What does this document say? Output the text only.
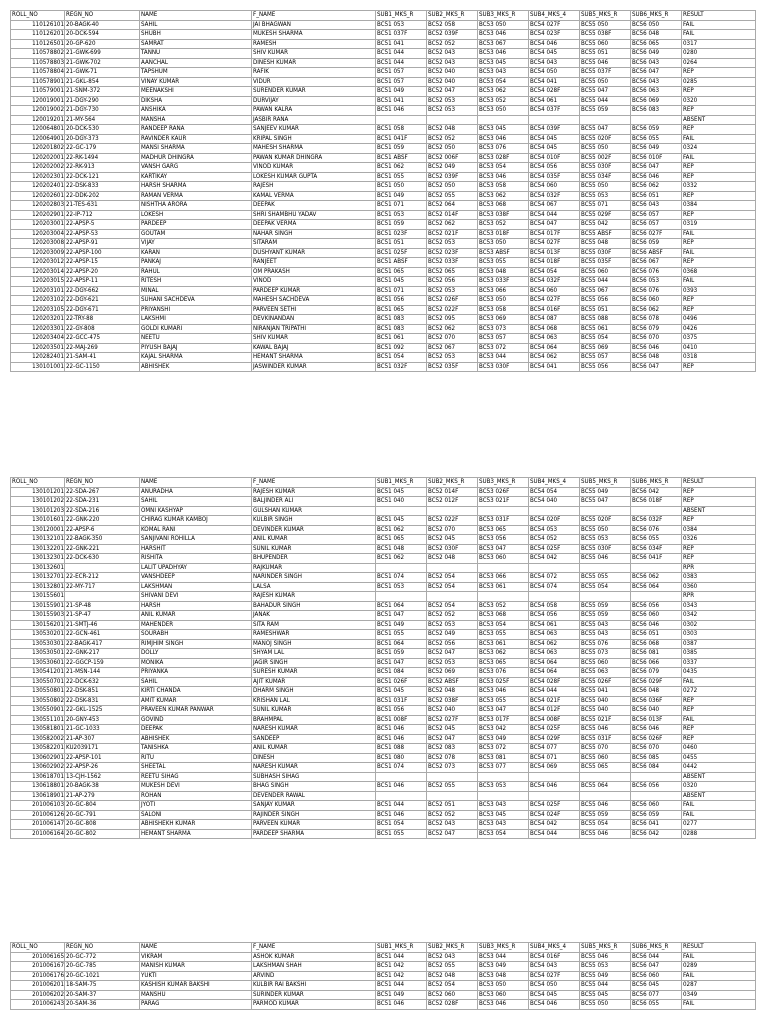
ROLL_NO	REGN_NO	NAME	F_NAME	SUB1_MKS_R	SUB2_MKS_R	SUB3_MKS_R	SUB4_MKS_4	SUB5_MKS_R	SUB6_MKS_R	RESULT
110126101	20-BAGK-40	SAHIL	JAI BHAGWAN	BC51 053	BC52 058	BC53 050	BC54 027F	BC55 050	BC56 050	FAIL
110126201	20-DCK-594	SHUBH	MUKESH SHARMA	BC51 037F	BC52 039F	BC53 046	BC54 023F	BC55 038F	BC56 048	FAIL
110126501	20-GP-620	SAMRAT	RAMESH	BC51 041	BC52 052	BC53 067	BC54 046	BC55 060	BC56 065	0317
110578802	21-GWK-699	TANNU	SHIV KUMAR	BC51 044	BC52 043	BC53 046	BC54 045	BC55 051	BC56 049	0280
110578803	21-GWK-702	AANCHAL	DINESH KUMAR	BC51 044	BC52 043	BC53 045	BC54 043	BC55 046	BC56 043	0264
110578804	21-GWK-71	TAPSHUM	RAFIK	BC51 057	BC52 040	BC53 043	BC54 050	BC55 037F	BC56 047	REP
110578901	21-GKL-854	VINAY KUMAR	VIDUR	BC51 057	BC52 040	BC53 054	BC54 041	BC55 050	BC56 043	0285
110579001	21-SNM-372	MEENAKSHI	SURENDER KUMAR	BC51 049	BC52 047	BC53 062	BC54 028F	BC55 047	BC56 063	REP
120019001	21-DGY-290	DIKSHA	DURVIJAY	BC51 041	BC52 053	BC53 052	BC54 061	BC55 044	BC56 069	0320
120019002	21-DGY-730	ANSHIKA	PAWAN KALRA	BC51 046	BC52 053	BC53 050	BC54 037F	BC55 059	BC56 083	REP
120019201	21-MY-564	MANSHA	JASBIR RANA							ABSENT
120064801	20-DCK-530	RANDEEP RANA	SANJEEV KUMAR	BC51 058	BC52 048	BC53 045	BC54 039F	BC55 047	BC56 059	REP
120064901	20-DGY-373	RAVINDER KAUR	KRIPAL SINGH	BC51 041F	BC52 052	BC53 046	BC54 045	BC55 020F	BC56 055	FAIL
120201802	22-GC-179	MANSI SHARMA	MAHESH SHARMA	BC51 059	BC52 050	BC53 076	BC54 045	BC55 050	BC56 049	0324
120202001	22-RK-1494	MADHUR DHINGRA	PAWAN KUMAR DHINGRA	BC51 ABSF	BC52 006F	BC53 028F	BC54 010F	BC55 002F	BC56 010F	FAIL
120202002	22-RK-913	VANSH GARG	VINOD KUMAR	BC51 062	BC52 049	BC53 054	BC54 056	BC55 030F	BC56 047	REP
120202301	22-DCK-121	KARTIKAY	LOKESH KUMAR GUPTA	BC51 055	BC52 039F	BC53 046	BC54 035F	BC55 034F	BC56 046	REP
120202401	22-DSK-833	HARSH SHARMA	RAJESH	BC51 050	BC52 050	BC53 058	BC54 060	BC55 050	BC56 062	0332
120202601	22-DDK-202	RAMAN VERMA	KAMAL VERMA	BC51 049	BC52 055	BC53 062	BC54 032F	BC55 053	BC56 051	REP
120202803	21-TES-631	NISHTHA ARORA	DEEPAK	BC51 071	BC52 064	BC53 068	BC54 067	BC55 071	BC56 043	0384
120202901	22-IP-712	LOKESH	SHRI SHAMBHU YADAV	BC51 053	BC52 014F	BC53 038F	BC54 044	BC55 029F	BC56 057	REP
120203001	22-APSP-5	PARDEEP	DEEPAK VERMA	BC51 059	BC52 062	BC53 052	BC54 047	BC55 042	BC56 057	0319
120203004	22-APSP-53	GOUTAM	NAHAR SINGH	BC51 023F	BC52 021F	BC53 018F	BC54 017F	BC55 ABSF	BC56 027F	FAIL
120203008	22-APSP-91	VIJAY	SITARAM	BC51 051	BC52 053	BC53 050	BC54 027F	BC55 048	BC56 059	REP
120203009	22-APSP-100	KARAN	DUSHYANT KUMAR	BC51 025F	BC52 023F	BC53 ABSF	BC54 013F	BC55 030F	BC56 ABSF	FAIL
120203012	22-APSP-15	PANKAJ	RANJEET	BC51 ABSF	BC52 033F	BC53 055	BC54 018F	BC55 035F	BC56 067	REP
120203014	22-APSP-20	RAHUL	OM PRAKASH	BC51 065	BC52 065	BC53 048	BC54 054	BC55 060	BC56 076	0368
120203015	22-APSP-11	RITESH	VINOD	BC51 045	BC52 056	BC53 033F	BC54 032F	BC55 044	BC56 053	FAIL
120203101	22-DGY-662	MINAL	PARDEEP KUMAR	BC51 071	BC52 053	BC53 066	BC54 060	BC55 067	BC56 076	0393
120203102	22-DGY-621	SUHANI SACHDEVA	MAHESH SACHDEVA	BC51 056	BC52 026F	BC53 050	BC54 027F	BC55 056	BC56 060	REP
120203105	22-DGY-671	PRIYANSHI	PARVEEN SETHI	BC51 065	BC52 022F	BC53 058	BC54 016F	BC55 051	BC56 062	REP
120203201	22-TRY-88	LAKSHMI	DEVKINANDAN	BC51 083	BC52 095	BC53 069	BC54 087	BC55 088	BC56 078	0496
120203301	22-GY-808	GOLDI KUMARI	NIRANJAN TRIPATHI	BC51 083	BC52 062	BC53 073	BC54 068	BC55 061	BC56 079	0426
120203404	22-GCC-475	NEETU	SHIV KUMAR	BC51 061	BC52 070	BC53 057	BC54 063	BC55 054	BC56 070	0375
120203501	22-MAJ-269	PIYUSH BAJAJ	KAWAL BAJAJ	BC51 092	BC52 067	BC53 072	BC54 064	BC55 069	BC56 046	0410
120282401	21-SAM-41	KAJAL SHARMA	HEMANT SHARMA	BC51 054	BC52 053	BC53 044	BC54 062	BC55 057	BC56 048	0318
130101001	22-GC-1150	ABHISHEK	JASWINDER KUMAR	BC51 032F	BC52 035F	BC53 030F	BC54 041	BC55 056	BC56 047	REP
ROLL_NO	REGN_NO	NAME	F_NAME	SUB1_MKS_R	SUB2_MKS_R	SUB3_MKS_R	SUB4_MKS_4	SUB5_MKS_R	SUB6_MKS_R	RESULT
130101201	22-SDA-267	ANURADHA	RAJESH KUMAR	BC51 045	BC52 014F	BC53 026F	BC54 054	BC55 049	BC56 042	REP
130101202	22-SDA-231	SAHIL	BALJINDER ALI	BC51 040	BC52 012F	BC53 021F	BC54 040	BC55 047	BC56 018F	REP
130101203	22-SDA-216	OMNI KASHYAP	GULSHAN KUMAR							ABSENT
130101601	22-GNK-220	CHIRAG KUMAR KAMBOJ	KULBIR SINGH	BC51 045	BC52 022F	BC53 031F	BC54 020F	BC55 020F	BC56 032F	REP
130120001	22-APSP-6	KOMAL RANI	DEVINDER KUMAR	BC51 062	BC52 070	BC53 065	BC54 053	BC55 050	BC56 076	0384
130132101	22-BAGK-350	SANJIVANI ROHILLA	ANIL KUMAR	BC51 065	BC52 045	BC53 056	BC54 052	BC55 053	BC56 055	0326
130132201	22-GNK-221	HARSHIT	SUNIL KUMAR	BC51 048	BC52 030F	BC53 047	BC54 025F	BC55 030F	BC56 034F	REP
130132301	22-DCK-630	RISHITA	BHUPENDER	BC51 062	BC52 048	BC53 060	BC54 042	BC55 046	BC56 041F	REP
130132601		LALIT UPADHYAY	RAJKUMAR							RPR
130132701	22-ECR-212	VANSHDEEP	NARINDER SINGH	BC51 074	BC52 054	BC53 066	BC54 072	BC55 055	BC56 062	0383
130132801	22-MY-717	LAKSHMAN	LALSA	BC51 053	BC52 054	BC53 061	BC54 074	BC55 054	BC56 064	0360
130155601		SHIVANI DEVI	RAJESH KUMAR							RPR
130155901	21-SP-48	HARSH	BAHADUR SINGH	BC51 064	BC52 054	BC53 052	BC54 058	BC55 059	BC56 056	0343
130155903	21-SP-47	ANIL KUMAR	JANAK	BC51 047	BC52 052	BC53 068	BC54 056	BC55 059	BC56 060	0342
130156201	21-SMTJ-46	MAHENDER	SITA RAM	BC51 049	BC52 053	BC53 054	BC54 061	BC55 043	BC56 046	0302
130530201	22-GCN-461	SOURABH	RAMESHWAR	BC51 055	BC52 049	BC53 055	BC54 063	BC55 043	BC56 051	0303
130530301	22-BAGK-417	RIMJHIM SINGH	MANOJ SINGH	BC51 064	BC52 056	BC53 061	BC54 062	BC55 076	BC56 068	0387
130530501	22-GNK-217	DOLLY	SHYAM LAL	BC51 059	BC52 047	BC53 062	BC54 063	BC55 073	BC56 081	0385
130530601	22-GGCP-159	MONIKA	JAGIR SINGH	BC51 047	BC52 053	BC53 065	BC54 064	BC55 060	BC56 066	0337
130541201	21-MSN-144	PRIYANKA	SURESH KUMAR	BC51 084	BC52 069	BC53 076	BC54 064	BC55 063	BC56 079	0435
130550701	22-DCK-632	SAHIL	AJIT KUMAR	BC51 026F	BC52 ABSF	BC53 025F	BC54 028F	BC55 026F	BC56 029F	FAIL
130550801	22-DSK-851	KIRTI CHANDA	DHARM SINGH	BC51 045	BC52 048	BC53 046	BC54 044	BC55 041	BC56 048	0272
130550802	22-DSK-831	AMIT KUMAR	KRISHAN LAL	BC51 031F	BC52 038F	BC53 055	BC54 021F	BC55 040	BC56 036F	REP
130550901	22-GKL-1525	PRAVEEN KUMAR PANWAR	SUNIL KUMAR	BC51 056	BC52 040	BC53 047	BC54 012F	BC55 040	BC56 040	REP
130551101	20-GNY-453	GOVIND	BRAHMPAL	BC51 008F	BC52 027F	BC53 017F	BC54 008F	BC55 021F	BC56 013F	FAIL
130581801	21-GC-1033	DEEPAK	NARESH KUMAR	BC51 046	BC52 045	BC53 042	BC54 025F	BC55 046	BC56 046	REP
130582002	21-AP-307	ABHISHEK	SANDEEP	BC51 046	BC52 047	BC53 049	BC54 029F	BC55 031F	BC56 026F	REP
130582201	KU2039171	TANISHKA	ANIL KUMAR	BC51 088	BC52 083	BC53 072	BC54 077	BC55 070	BC56 070	0460
130602901	22-APSP-101	RITU	DINESH	BC51 080	BC52 078	BC53 081	BC54 071	BC55 060	BC56 085	0455
130602902	22-APSP-26	SHEETAL	NARESH KUMAR	BC51 074	BC52 073	BC53 077	BC54 069	BC55 065	BC56 084	0442
130618701	13-CJH-1562	REETU SIHAG	SUBHASH SIHAG							ABSENT
130618801	20-BAGK-38	MUKESH DEVI	BHAG SINGH	BC51 046	BC52 055	BC53 053	BC54 046	BC55 064	BC56 056	0320
130618901	21-AP-279	ROHAN	DEVENDER RAWAL							ABSENT
201006103	20-GC-804	JYOTI	SANJAY KUMAR	BC51 044	BC52 051	BC53 043	BC54 025F	BC55 046	BC56 060	FAIL
201006126	20-GC-791	SALONI	RAJINDER SINGH	BC51 046	BC52 052	BC53 045	BC54 024F	BC55 059	BC56 059	FAIL
201006147	20-GC-808	ABHISHEKH KUMAR	PARVEEN KUMAR	BC51 054	BC52 043	BC53 043	BC54 042	BC55 054	BC56 041	0277
201006164	20-GC-802	HEMANT SHARMA	PARDEEP SHARMA	BC51 055	BC52 047	BC53 054	BC54 044	BC55 046	BC56 042	0288
ROLL_NO	REGN_NO	NAME	F_NAME	SUB1_MKS_R	SUB2_MKS_R	SUB3_MKS_R	SUB4_MKS_4	SUB5_MKS_R	SUB6_MKS_R	RESULT
201006165	20-GC-772	VIKRAM	ASHOK KUMAR	BC51 044	BC52 043	BC53 044	BC54 016F	BC55 046	BC56 044	FAIL
201006167	20-GC-785	MANISH KUMAR	LAKSHMAN SHAH	BC51 042	BC52 055	BC53 049	BC54 043	BC55 053	BC56 047	0289
201006176	20-GC-1021	YUKTI	ARVIND	BC51 042	BC52 048	BC53 048	BC54 027F	BC55 049	BC56 060	FAIL
201006201	18-SAM-75	KASHISH KUMAR BAKSHI	KULBIR RAI BAKSHI	BC51 044	BC52 054	BC53 050	BC54 050	BC55 044	BC56 045	0287
201006202	20-SAM-37	MANSHU	SURINDER KUMAR	BC51 049	BC52 060	BC53 060	BC54 045	BC55 045	BC56 077	0349
201006243	20-SAM-36	PARAG	PARMOD KUMAR	BC51 046	BC52 028F	BC53 046	BC54 046	BC55 050	BC56 055	FAIL
